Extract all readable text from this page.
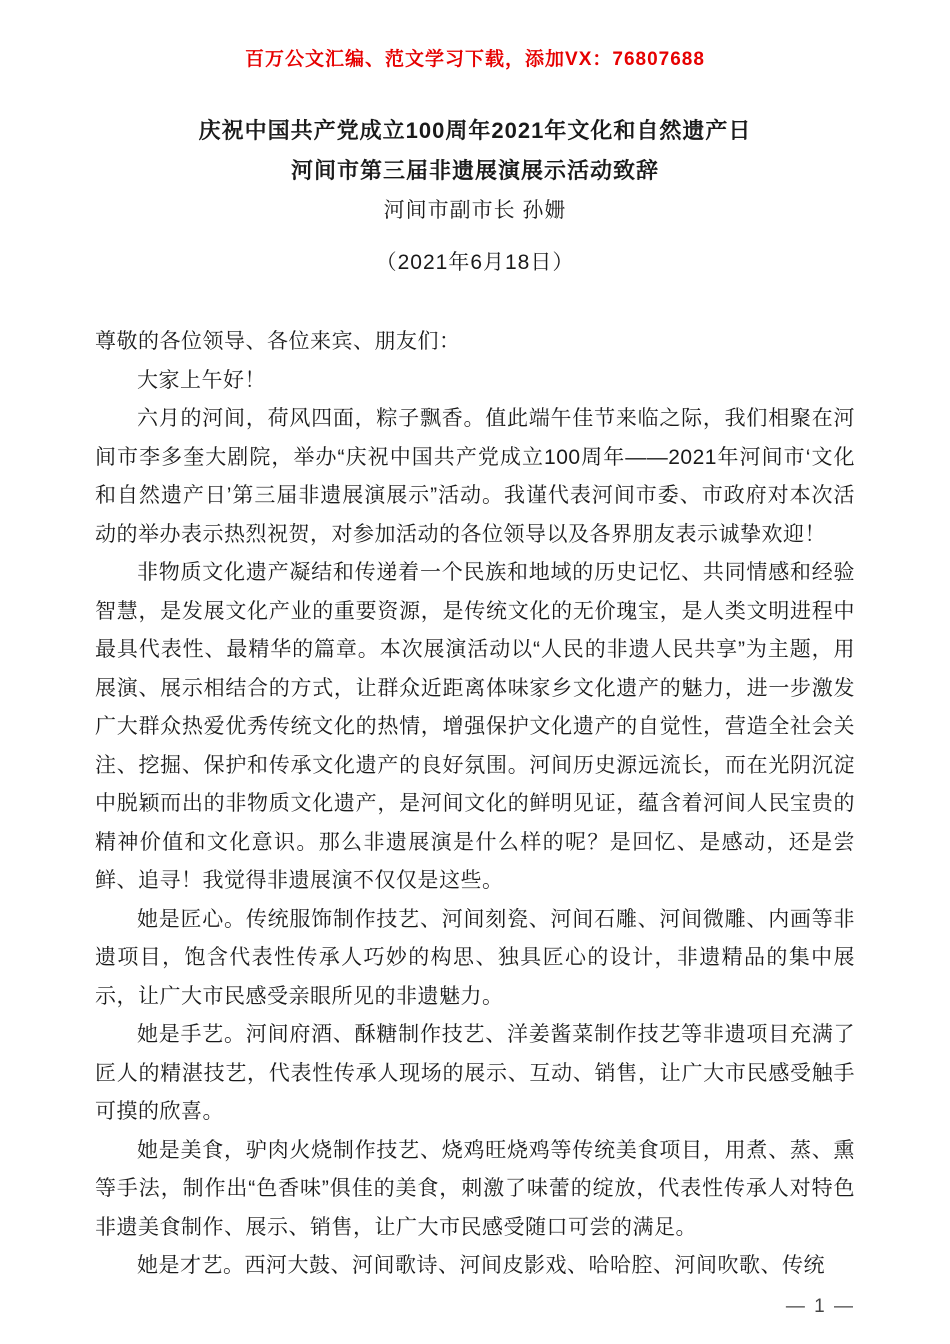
百万公文汇编、范文学习下载，添加VX：76807688
庆祝中国共产党成立100周年2021年文化和自然遗产日
河间市第三届非遗展演展示活动致辞
河间市副市长 孙姗
（2021年6月18日）

尊敬的各位领导、各位来宾、朋友们：

大家上午好！

六月的河间，荷风四面，粽子飘香。值此端午佳节来临之际，我们相聚在河间市李多奎大剧院，举办“庆祝中国共产党成立100周年——2021年河间市‘文化和自然遗产日’第三届非遗展演展示”活动。我谨代表河间市委、市政府对本次活动的举办表示热烈祝贺，对参加活动的各位领导以及各界朋友表示诚挚欢迎！

非物质文化遗产凝结和传递着一个民族和地域的历史记忆、共同情感和经验智慧，是发展文化产业的重要资源，是传统文化的无价瑰宝，是人类文明进程中最具代表性、最精华的篇章。本次展演活动以“人民的非遗人民共享”为主题，用展演、展示相结合的方式，让群众近距离体味家乡文化遗产的魅力，进一步激发广大群众热爱优秀传统文化的热情，增强保护文化遗产的自觉性，营造全社会关注、挖掘、保护和传承文化遗产的良好氛围。河间历史源远流长，而在光阴沉淀中脱颖而出的非物质文化遗产，是河间文化的鲜明见证，蕴含着河间人民宝贵的精神价值和文化意识。那么非遗展演是什么样的呢？是回忆、是感动，还是尝鲜、追寻！我觉得非遗展演不仅仅是这些。

她是匠心。传统服饰制作技艺、河间刻瓷、河间石雕、河间微雕、内画等非遗项目，饱含代表性传承人巧妙的构思、独具匠心的设计，非遗精品的集中展示，让广大市民感受亲眼所见的非遗魅力。

她是手艺。河间府酒、酥糖制作技艺、洋姜酱菜制作技艺等非遗项目充满了匠人的精湛技艺，代表性传承人现场的展示、互动、销售，让广大市民感受触手可摸的欣喜。

她是美食，驴肉火烧制作技艺、烧鸡旺烧鸡等传统美食项目，用煮、蒸、熏等手法，制作出“色香味”俱佳的美食，刺激了味蕾的绽放，代表性传承人对特色非遗美食制作、展示、销售，让广大市民感受随口可尝的满足。

她是才艺。西河大鼓、河间歌诗、河间皮影戏、哈哈腔、河间吹歌、传统

— 1 —
